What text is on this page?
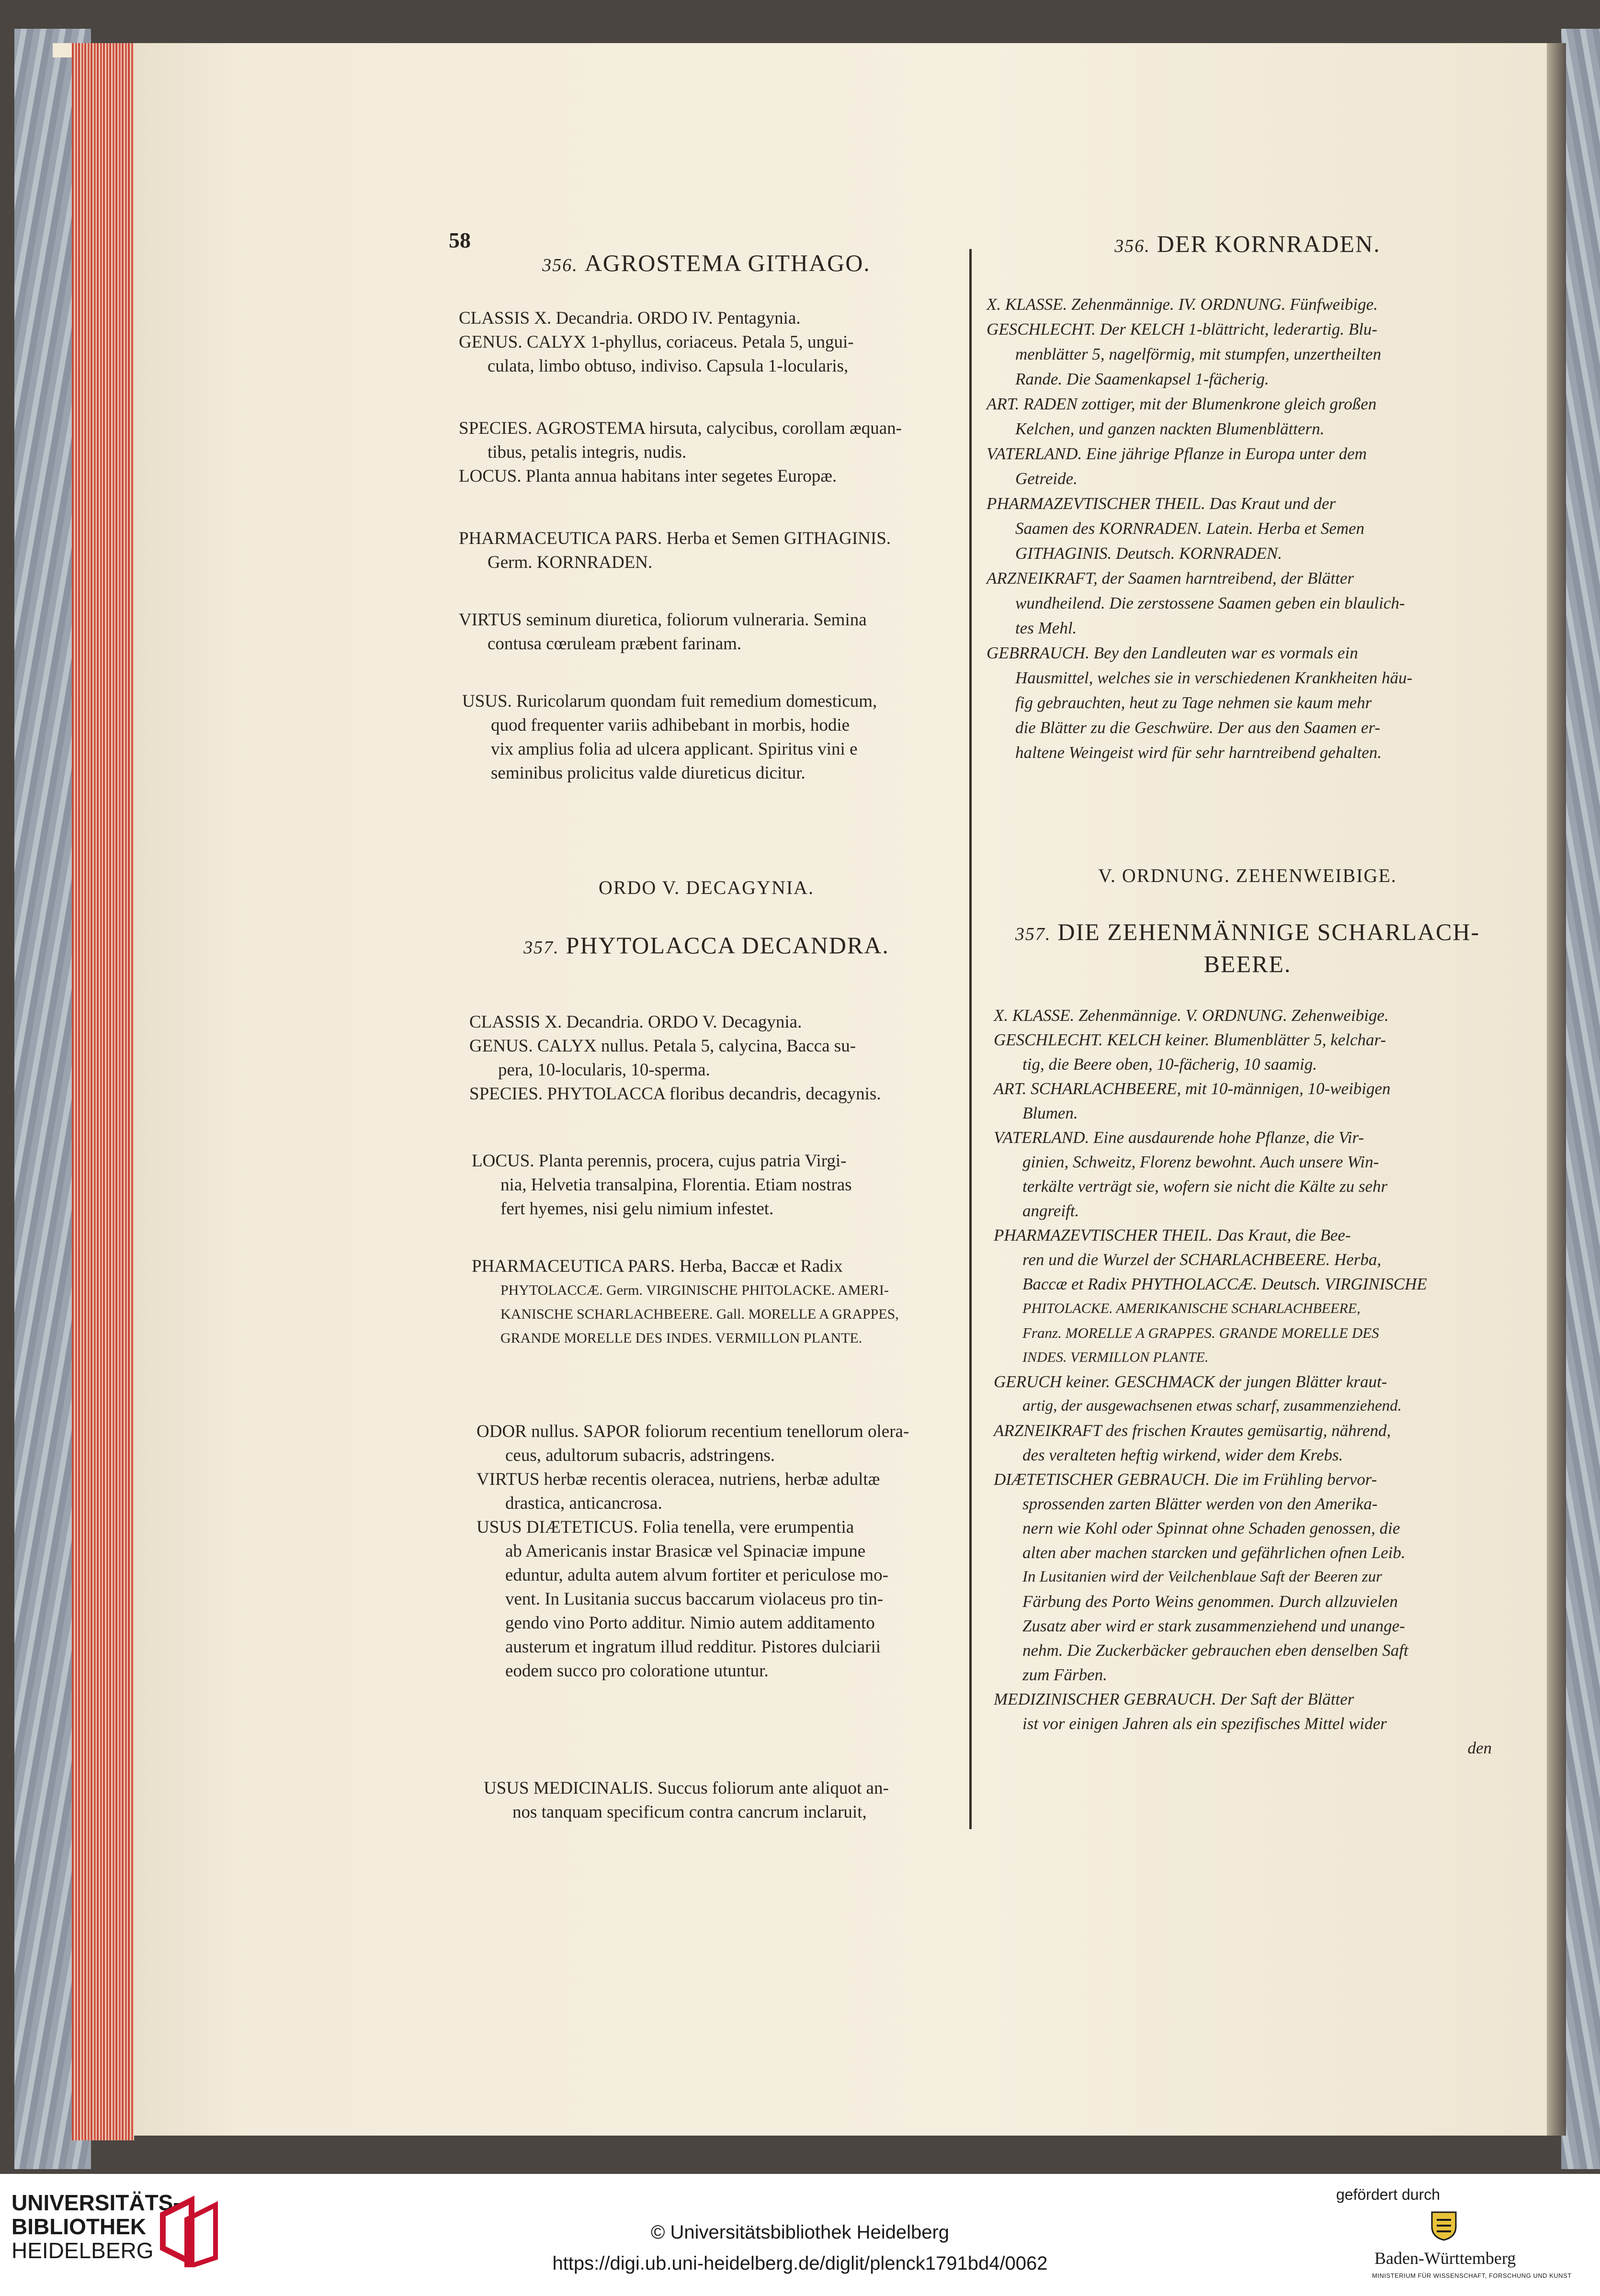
58
356. AGROSTEMA GITHAGO.

CLASSIS X. Decandria. ORDO IV. Pentagynia.

GENUS. CALYX 1-phyllus, coriaceus. Petala 5, ungui-

culata, limbo obtuso, indiviso. Capsula 1-locularis,

SPECIES. AGROSTEMA hirsuta, calycibus, corollam æquan-

tibus, petalis integris, nudis.

LOCUS. Planta annua habitans inter segetes Europæ.

PHARMACEUTICA PARS. Herba et Semen GITHAGINIS.

Germ. KORNRADEN.

VIRTUS seminum diuretica, foliorum vulneraria. Semina

contusa cœruleam præbent farinam.

USUS. Ruricolarum quondam fuit remedium domesticum,

quod frequenter variis adhibebant in morbis, hodie

vix amplius folia ad ulcera applicant. Spiritus vini e

seminibus prolicitus valde diureticus dicitur.

ORDO V. DECAGYNIA.
357. PHYTOLACCA DECANDRA.

CLASSIS X. Decandria. ORDO V. Decagynia.

GENUS. CALYX nullus. Petala 5, calycina, Bacca su-

pera, 10-locularis, 10-sperma.

SPECIES. PHYTOLACCA floribus decandris, decagynis.

LOCUS. Planta perennis, procera, cujus patria Virgi-

nia, Helvetia transalpina, Florentia. Etiam nostras

fert hyemes, nisi gelu nimium infestet.

PHARMACEUTICA PARS. Herba, Baccæ et Radix

PHYTOLACCÆ. Germ. VIRGINISCHE PHITOLACKE. AMERI-

KANISCHE SCHARLACHBEERE. Gall. MORELLE A GRAPPES,

GRANDE MORELLE DES INDES. VERMILLON PLANTE.

ODOR nullus. SAPOR foliorum recentium tenellorum olera-

ceus, adultorum subacris, adstringens.

VIRTUS herbæ recentis oleracea, nutriens, herbæ adultæ

drastica, anticancrosa.

USUS DIÆTETICUS. Folia tenella, vere erumpentia

ab Americanis instar Brasicæ vel Spinaciæ impune

eduntur, adulta autem alvum fortiter et periculose mo-

vent. In Lusitania succus baccarum violaceus pro tin-

gendo vino Porto additur. Nimio autem additamento

austerum et ingratum illud redditur. Pistores dulciarii

eodem succo pro coloratione utuntur.

USUS MEDICINALIS. Succus foliorum ante aliquot an-

nos tanquam specificum contra cancrum inclaruit,

356. DER KORNRADEN.

X. KLASSE. Zehenmännige. IV. ORDNUNG. Fünfweibige.

GESCHLECHT. Der KELCH 1-blättricht, lederartig. Blu-

menblätter 5, nagelförmig, mit stumpfen, unzertheilten

Rande. Die Saamenkapsel 1-fächerig.

ART. RADEN zottiger, mit der Blumenkrone gleich großen

Kelchen, und ganzen nackten Blumenblättern.

VATERLAND. Eine jährige Pflanze in Europa unter dem

Getreide.

PHARMAZEVTISCHER THEIL. Das Kraut und der

Saamen des KORNRADEN. Latein. Herba et Semen

GITHAGINIS. Deutsch. KORNRADEN.

ARZNEIKRAFT, der Saamen harntreibend, der Blätter

wundheilend. Die zerstossene Saamen geben ein blaulich-

tes Mehl.

GEBRRAUCH. Bey den Landleuten war es vormals ein

Hausmittel, welches sie in verschiedenen Krankheiten häu-

fig gebrauchten, heut zu Tage nehmen sie kaum mehr

die Blätter zu die Geschwüre. Der aus den Saamen er-

haltene Weingeist wird für sehr harntreibend gehalten.

V. ORDNUNG. ZEHENWEIBIGE.
357. DIE ZEHENMÄNNIGE SCHARLACH-
BEERE.

X. KLASSE. Zehenmännige. V. ORDNUNG. Zehenweibige.

GESCHLECHT. KELCH keiner. Blumenblätter 5, kelchar-

tig, die Beere oben, 10-fächerig, 10 saamig.

ART. SCHARLACHBEERE, mit 10-männigen, 10-weibigen

Blumen.

VATERLAND. Eine ausdaurende hohe Pflanze, die Vir-

ginien, Schweitz, Florenz bewohnt. Auch unsere Win-

terkälte verträgt sie, wofern sie nicht die Kälte zu sehr

angreift.

PHARMAZEVTISCHER THEIL. Das Kraut, die Bee-

ren und die Wurzel der SCHARLACHBEERE. Herba,

Baccæ et Radix PHYTHOLACCÆ. Deutsch. VIRGINISCHE

PHITOLACKE. AMERIKANISCHE SCHARLACHBEERE,

Franz. MORELLE A GRAPPES. GRANDE MORELLE DES

INDES. VERMILLON PLANTE.

GERUCH keiner. GESCHMACK der jungen Blätter kraut-

artig, der ausgewachsenen etwas scharf, zusammenziehend.

ARZNEIKRAFT des frischen Krautes gemüsartig, nährend,

des veralteten heftig wirkend, wider dem Krebs.

DIÆTETISCHER GEBRAUCH. Die im Frühling bervor-

sprossenden zarten Blätter werden von den Amerika-

nern wie Kohl oder Spinnat ohne Schaden genossen, die

alten aber machen starcken und gefährlichen ofnen Leib.

In Lusitanien wird der Veilchenblaue Saft der Beeren zur

Färbung des Porto Weins genommen. Durch allzuvielen

Zusatz aber wird er stark zusammenziehend und unange-

nehm. Die Zuckerbäcker gebrauchen eben denselben Saft

zum Färben.

MEDIZINISCHER GEBRAUCH. Der Saft der Blätter

ist vor einigen Jahren als ein spezifisches Mittel wider

den

UNIVERSITÄTS-
BIBLIOTHEK
HEIDELBERG
© Universitätsbibliothek Heidelberg
https://digi.ub.uni-heidelberg.de/diglit/plenck1791bd4/0062
gefördert durch
Baden-Württemberg
MINISTERIUM FÜR WISSENSCHAFT, FORSCHUNG UND KUNST
